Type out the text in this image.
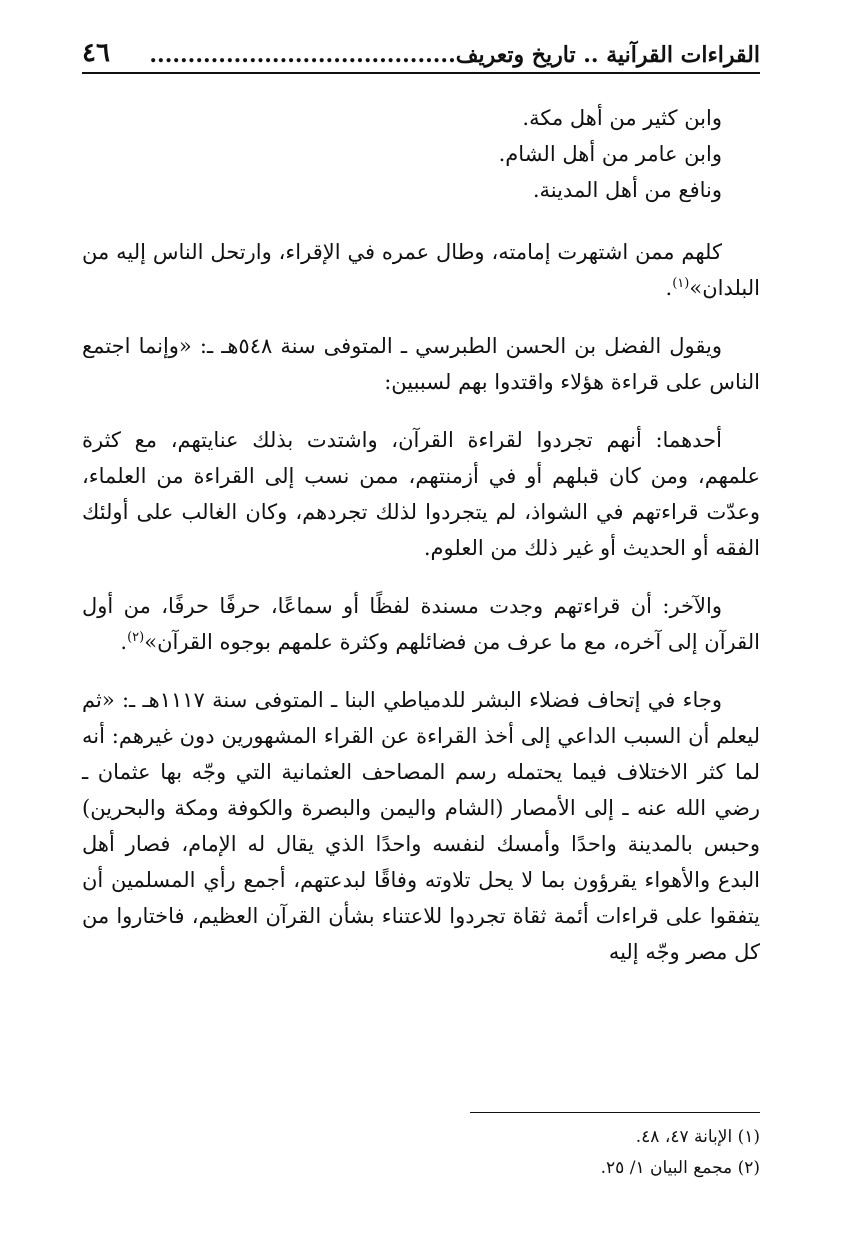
القراءات القرآنية .. تاريخ وتعريف........................................
٤٦

وابن كثير من أهل مكة.

وابن عامر من أهل الشام.

ونافع من أهل المدينة.

كلهم ممن اشتهرت إمامته، وطال عمره في الإقراء، وارتحل الناس إليه من البلدان»$^{(١)}$.

ويقول الفضل بن الحسن الطبرسي ـ المتوفى سنة ٥٤٨هـ ـ: «وإنما اجتمع الناس على قراءة هؤلاء واقتدوا بهم لسببين:

أحدهما: أنهم تجردوا لقراءة القرآن، واشتدت بذلك عنايتهم، مع كثرة علمهم، ومن كان قبلهم أو في أزمنتهم، ممن نسب إلى القراءة من العلماء، وعدّت قراءتهم في الشواذ، لم يتجردوا لذلك تجردهم، وكان الغالب على أولئك الفقه أو الحديث أو غير ذلك من العلوم.

والآخر: أن قراءتهم وجدت مسندة لفظًا أو سماعًا، حرفًا حرفًا، من أول القرآن إلى آخره، مع ما عرف من فضائلهم وكثرة علمهم بوجوه القرآن»$^{(٢)}$.

وجاء في إتحاف فضلاء البشر للدمياطي البنا ـ المتوفى سنة ١١١٧هـ ـ: «ثم ليعلم أن السبب الداعي إلى أخذ القراءة عن القراء المشهورين دون غيرهم: أنه لما كثر الاختلاف فيما يحتمله رسم المصاحف العثمانية التي وجّه بها عثمان ـ رضي الله عنه ـ إلى الأمصار (الشام واليمن والبصرة والكوفة ومكة والبحرين) وحبس بالمدينة واحدًا وأمسك لنفسه واحدًا الذي يقال له الإمام، فصار أهل البدع والأهواء يقرؤون بما لا يحل تلاوته وفاقًا لبدعتهم، أجمع رأي المسلمين أن يتفقوا على قراءات أئمة ثقاة تجردوا للاعتناء بشأن القرآن العظيم، فاختاروا من كل مصر وجّه إليه

(١) الإبانة ٤٧، ٤٨.

(٢) مجمع البيان ١/ ٢٥.
